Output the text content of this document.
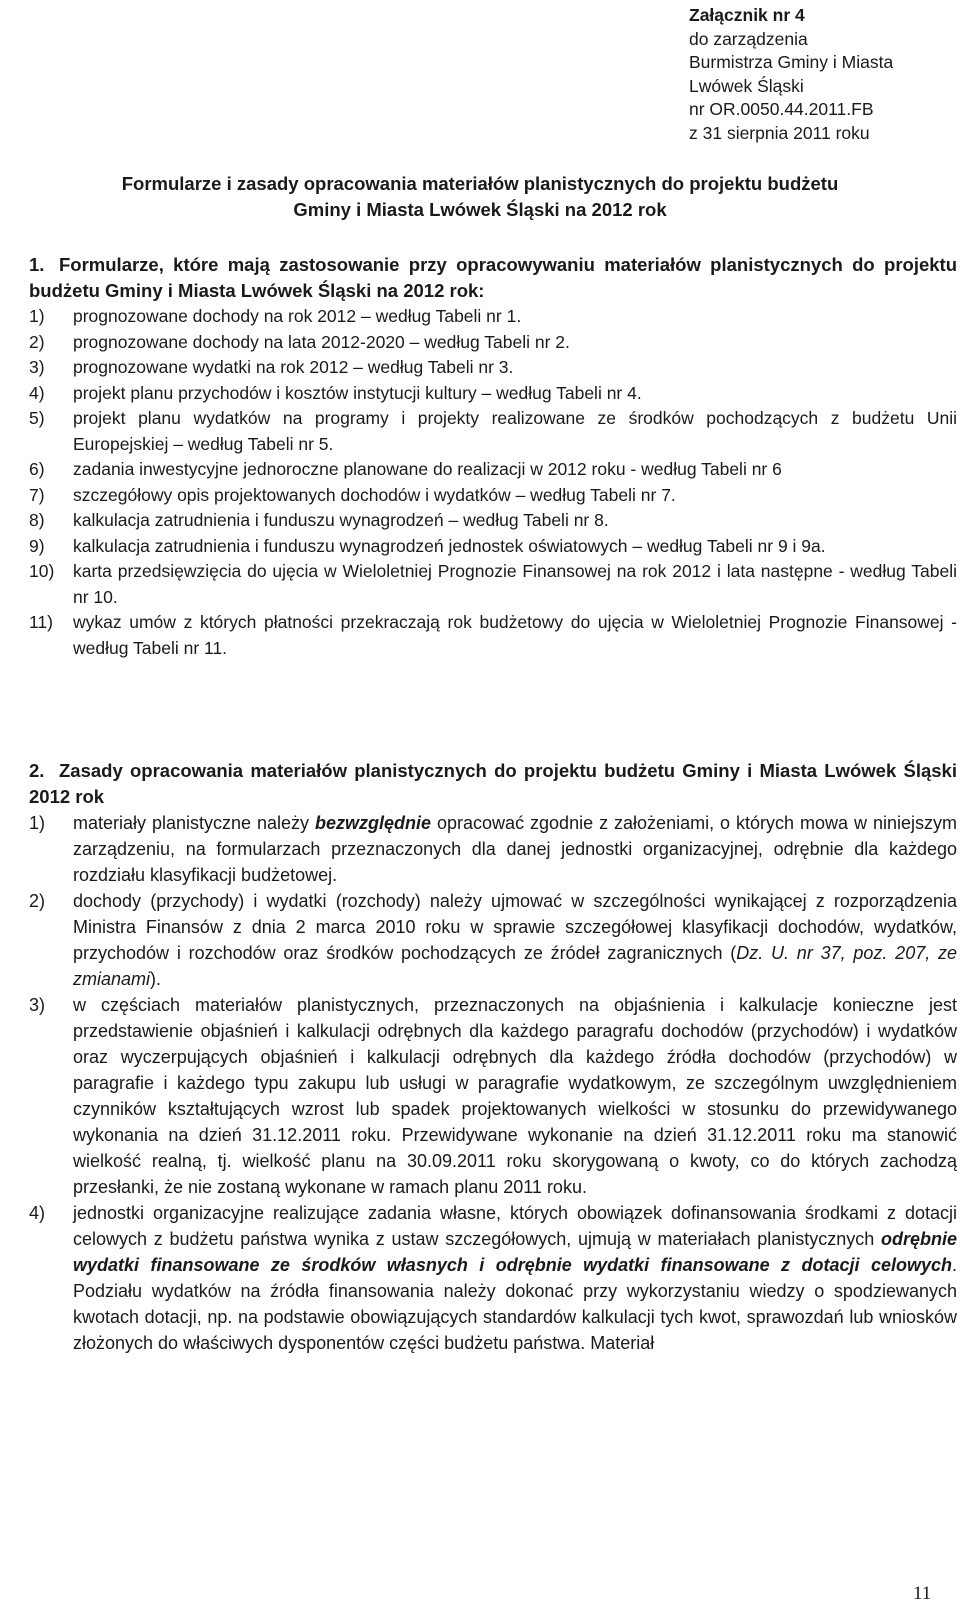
Załącznik nr 4
do zarządzenia
Burmistrza Gminy i Miasta
Lwówek Śląski
nr OR.0050.44.2011.FB
z 31 sierpnia 2011 roku
Formularze i zasady opracowania materiałów planistycznych do projektu budżetu
Gminy i Miasta Lwówek Śląski na 2012 rok
1. Formularze, które mają zastosowanie przy opracowywaniu materiałów planistycznych do projektu budżetu Gminy i Miasta Lwówek Śląski na 2012 rok:
1) prognozowane dochody na rok 2012 – według Tabeli nr 1.
2) prognozowane dochody na lata 2012-2020 – według Tabeli nr 2.
3) prognozowane wydatki na rok 2012 – według Tabeli nr 3.
4) projekt planu przychodów i kosztów instytucji kultury – według Tabeli nr 4.
5) projekt planu wydatków na programy i projekty realizowane ze środków pochodzących z budżetu Unii Europejskiej – według Tabeli nr 5.
6) zadania inwestycyjne jednoroczne planowane do realizacji w 2012 roku - według Tabeli nr 6
7) szczegółowy opis projektowanych dochodów i wydatków – według Tabeli nr 7.
8) kalkulacja zatrudnienia i funduszu wynagrodzeń – według Tabeli nr 8.
9) kalkulacja zatrudnienia i funduszu wynagrodzeń jednostek oświatowych – według Tabeli nr 9 i 9a.
10) karta przedsięwzięcia do ujęcia w Wieloletniej Prognozie Finansowej na rok 2012 i lata następne - według Tabeli nr 10.
11) wykaz umów z których płatności przekraczają rok budżetowy do ujęcia w Wieloletniej Prognozie Finansowej - według Tabeli nr 11.
2. Zasady opracowania materiałów planistycznych do projektu budżetu Gminy i Miasta Lwówek Śląski 2012 rok
1) materiały planistyczne należy bezwzględnie opracować zgodnie z założeniami, o których mowa w niniejszym zarządzeniu, na formularzach przeznaczonych dla danej jednostki organizacyjnej, odrębnie dla każdego rozdziału klasyfikacji budżetowej.
2) dochody (przychody) i wydatki (rozchody) należy ujmować w szczególności wynikającej z rozporządzenia Ministra Finansów z dnia 2 marca 2010 roku w sprawie szczegółowej klasyfikacji dochodów, wydatków, przychodów i rozchodów oraz środków pochodzących ze źródeł zagranicznych (Dz. U. nr 37, poz. 207, ze zmianami).
3) w częściach materiałów planistycznych, przeznaczonych na objaśnienia i kalkulacje konieczne jest przedstawienie objaśnień i kalkulacji odrębnych dla każdego paragrafu dochodów (przychodów) i wydatków oraz wyczerpujących objaśnień i kalkulacji odrębnych dla każdego źródła dochodów (przychodów) w paragrafie i każdego typu zakupu lub usługi w paragrafie wydatkowym, ze szczególnym uwzględnieniem czynników kształtujących wzrost lub spadek projektowanych wielkości w stosunku do przewidywanego wykonania na dzień 31.12.2011 roku. Przewidywane wykonanie na dzień 31.12.2011 roku ma stanowić wielkość realną, tj. wielkość planu na 30.09.2011 roku skorygowaną o kwoty, co do których zachodzą przesłanki, że nie zostaną wykonane w ramach planu 2011 roku.
4) jednostki organizacyjne realizujące zadania własne, których obowiązek dofinansowania środkami z dotacji celowych z budżetu państwa wynika z ustaw szczegółowych, ujmują w materiałach planistycznych odrębnie wydatki finansowane ze środków własnych i odrębnie wydatki finansowane z dotacji celowych. Podziału wydatków na źródła finansowania należy dokonać przy wykorzystaniu wiedzy o spodziewanych kwotach dotacji, np. na podstawie obowiązujących standardów kalkulacji tych kwot, sprawozdań lub wniosków złożonych do właściwych dysponentów części budżetu państwa. Materiał
11
